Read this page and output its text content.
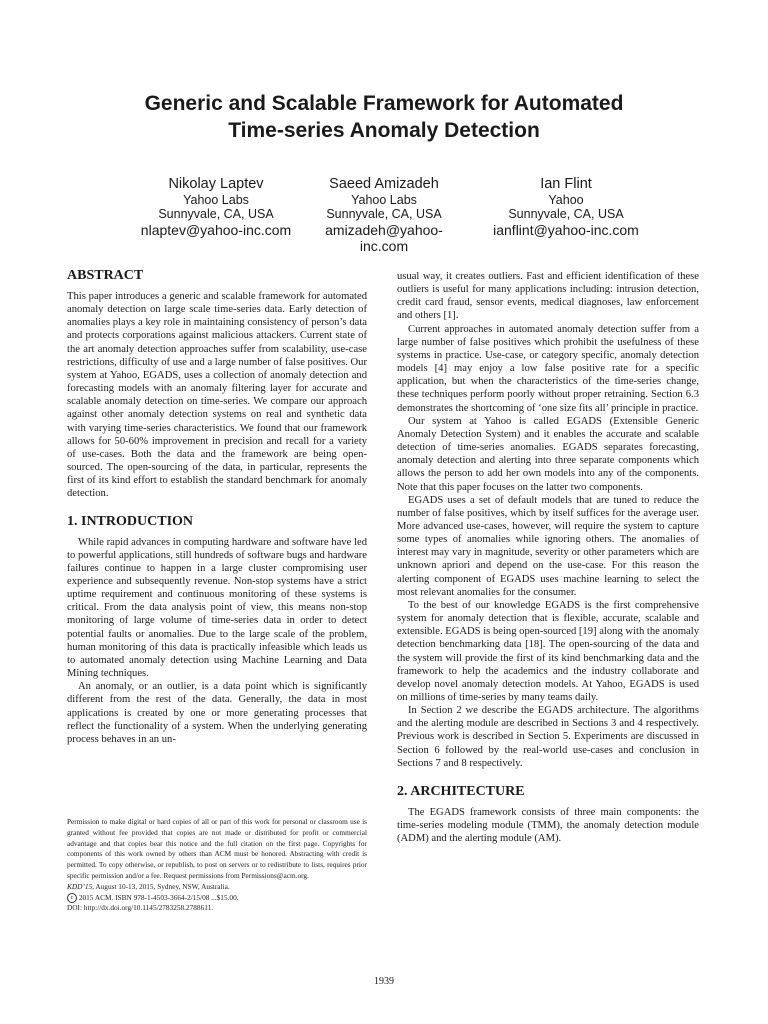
Generic and Scalable Framework for Automated
Time-series Anomaly Detection
Nikolay Laptev
Yahoo Labs
Sunnyvale, CA, USA
nlaptev@yahoo-inc.com
Saeed Amizadeh
Yahoo Labs
Sunnyvale, CA, USA
amizadeh@yahoo-inc.com
Ian Flint
Yahoo
Sunnyvale, CA, USA
ianflint@yahoo-inc.com
ABSTRACT

This paper introduces a generic and scalable framework for automated anomaly detection on large scale time-series data. Early detection of anomalies plays a key role in maintaining consistency of person’s data and protects corporations against malicious attackers. Current state of the art anomaly detection approaches suffer from scalability, use-case restrictions, difficulty of use and a large number of false positives. Our system at Yahoo, EGADS, uses a collection of anomaly detection and forecasting models with an anomaly filtering layer for accurate and scalable anomaly detection on time-series. We compare our approach against other anomaly detection systems on real and synthetic data with varying time-series characteristics. We found that our framework allows for 50-60% improvement in precision and recall for a variety of use-cases. Both the data and the framework are being open-sourced. The open-sourcing of the data, in particular, represents the first of its kind effort to establish the standard benchmark for anomaly detection.

1. INTRODUCTION

While rapid advances in computing hardware and software have led to powerful applications, still hundreds of software bugs and hardware failures continue to happen in a large cluster compromising user experience and subsequently revenue. Non-stop systems have a strict uptime requirement and continuous monitoring of these systems is critical. From the data analysis point of view, this means non-stop monitoring of large volume of time-series data in order to detect potential faults or anomalies. Due to the large scale of the problem, human monitoring of this data is practically infeasible which leads us to automated anomaly detection using Machine Learning and Data Mining techniques.

An anomaly, or an outlier, is a data point which is significantly different from the rest of the data. Generally, the data in most applications is created by one or more generating processes that reflect the functionality of a system. When the underlying generating process behaves in an un-

usual way, it creates outliers. Fast and efficient identification of these outliers is useful for many applications including: intrusion detection, credit card fraud, sensor events, medical diagnoses, law enforcement and others [1].

Current approaches in automated anomaly detection suffer from a large number of false positives which prohibit the usefulness of these systems in practice. Use-case, or category specific, anomaly detection models [4] may enjoy a low false positive rate for a specific application, but when the characteristics of the time-series change, these techniques perform poorly without proper retraining. Section 6.3 demonstrates the shortcoming of ‘one size fits all’ principle in practice.

Our system at Yahoo is called EGADS (Extensible Generic Anomaly Detection System) and it enables the accurate and scalable detection of time-series anomalies. EGADS separates forecasting, anomaly detection and alerting into three separate components which allows the person to add her own models into any of the components. Note that this paper focuses on the latter two components.

EGADS uses a set of default models that are tuned to reduce the number of false positives, which by itself suffices for the average user. More advanced use-cases, however, will require the system to capture some types of anomalies while ignoring others. The anomalies of interest may vary in magnitude, severity or other parameters which are unknown apriori and depend on the use-case. For this reason the alerting component of EGADS uses machine learning to select the most relevant anomalies for the consumer.

To the best of our knowledge EGADS is the first comprehensive system for anomaly detection that is flexible, accurate, scalable and extensible. EGADS is being open-sourced [19] along with the anomaly detection benchmarking data [18]. The open-sourcing of the data and the system will provide the first of its kind benchmarking data and the framework to help the academics and the industry collaborate and develop novel anomaly detection models. At Yahoo, EGADS is used on millions of time-series by many teams daily.

In Section 2 we describe the EGADS architecture. The algorithms and the alerting module are described in Sections 3 and 4 respectively. Previous work is described in Section 5. Experiments are discussed in Section 6 followed by the real-world use-cases and conclusion in Sections 7 and 8 respectively.

2. ARCHITECTURE

The EGADS framework consists of three main components: the time-series modeling module (TMM), the anomaly detection module (ADM) and the alerting module (AM).

Permission to make digital or hard copies of all or part of this work for personal or classroom use is granted without fee provided that copies are not made or distributed for profit or commercial advantage and that copies bear this notice and the full citation on the first page. Copyrights for components of this work owned by others than ACM must be honored. Abstracting with credit is permitted. To copy otherwise, or republish, to post on servers or to redistribute to lists, requires prior specific permission and/or a fee. Request permissions from Permissions@acm.org.
KDD’15, August 10-13, 2015, Sydney, NSW, Australia.
c 2015 ACM. ISBN 978-1-4503-3664-2/15/08 ...$15.00.
DOI: http://dx.doi.org/10.1145/2783258.2788611.
1939
